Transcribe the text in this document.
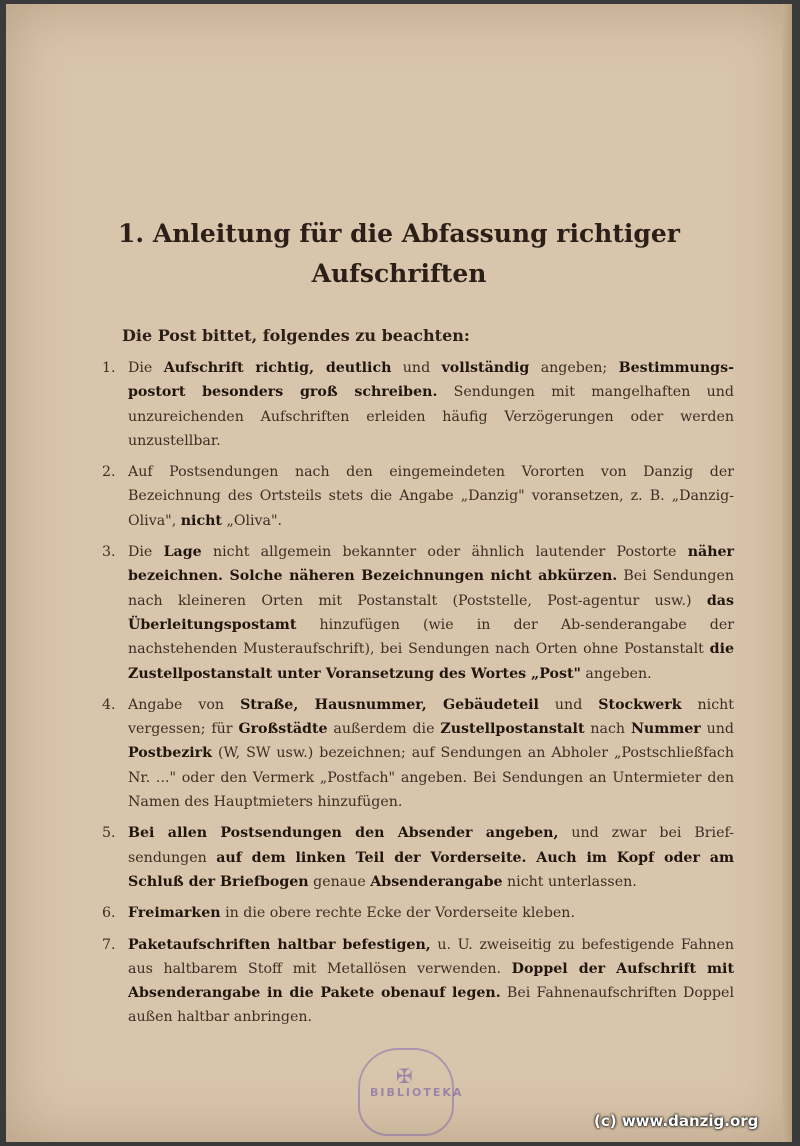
1. Anleitung für die Abfassung richtiger
Aufschriften
Die Post bittet, folgendes zu beachten:
1. Die Aufschrift richtig, deutlich und vollständig angeben; Bestimmungs-postort besonders groß schreiben. Sendungen mit mangelhaften und unzureichenden Aufschriften erleiden häufig Verzögerungen oder werden unzustellbar.
2. Auf Postsendungen nach den eingemeindeten Vororten von Danzig der Bezeichnung des Ortsteils stets die Angabe „Danzig" voransetzen, z. B. „Danzig-Oliva", nicht „Oliva".
3. Die Lage nicht allgemein bekannter oder ähnlich lautender Postorte näher bezeichnen. Solche näheren Bezeichnungen nicht abkürzen. Bei Sendungen nach kleineren Orten mit Postanstalt (Poststelle, Post-agentur usw.) das Überleitungspostamt hinzufügen (wie in der Ab-senderangabe der nachstehenden Musteraufschrift), bei Sendungen nach Orten ohne Postanstalt die Zustellpostanstalt unter Voransetzung des Wortes „Post" angeben.
4. Angabe von Straße, Hausnummer, Gebäudeteil und Stockwerk nicht vergessen; für Großstädte außerdem die Zustellpostanstalt nach Nummer und Postbezirk (W, SW usw.) bezeichnen; auf Sendungen an Abholer „Postschließfach Nr. ..." oder den Vermerk „Postfach" angeben. Bei Sendungen an Untermieter den Namen des Hauptmieters hinzufügen.
5. Bei allen Postsendungen den Absender angeben, und zwar bei Brief-sendungen auf dem linken Teil der Vorderseite. Auch im Kopf oder am Schluß der Briefbogen genaue Absenderangabe nicht unterlassen.
6. Freimarken in die obere rechte Ecke der Vorderseite kleben.
7. Paketaufschriften haltbar befestigen, u. U. zweiseitig zu befestigende Fahnen aus haltbarem Stoff mit Metallösen verwenden. Doppel der Aufschrift mit Absenderangabe in die Pakete obenauf legen. Bei Fahnenaufschriften Doppel außen haltbar anbringen.
✠
BIBLIOTEKA
(c) www.danzig.org
